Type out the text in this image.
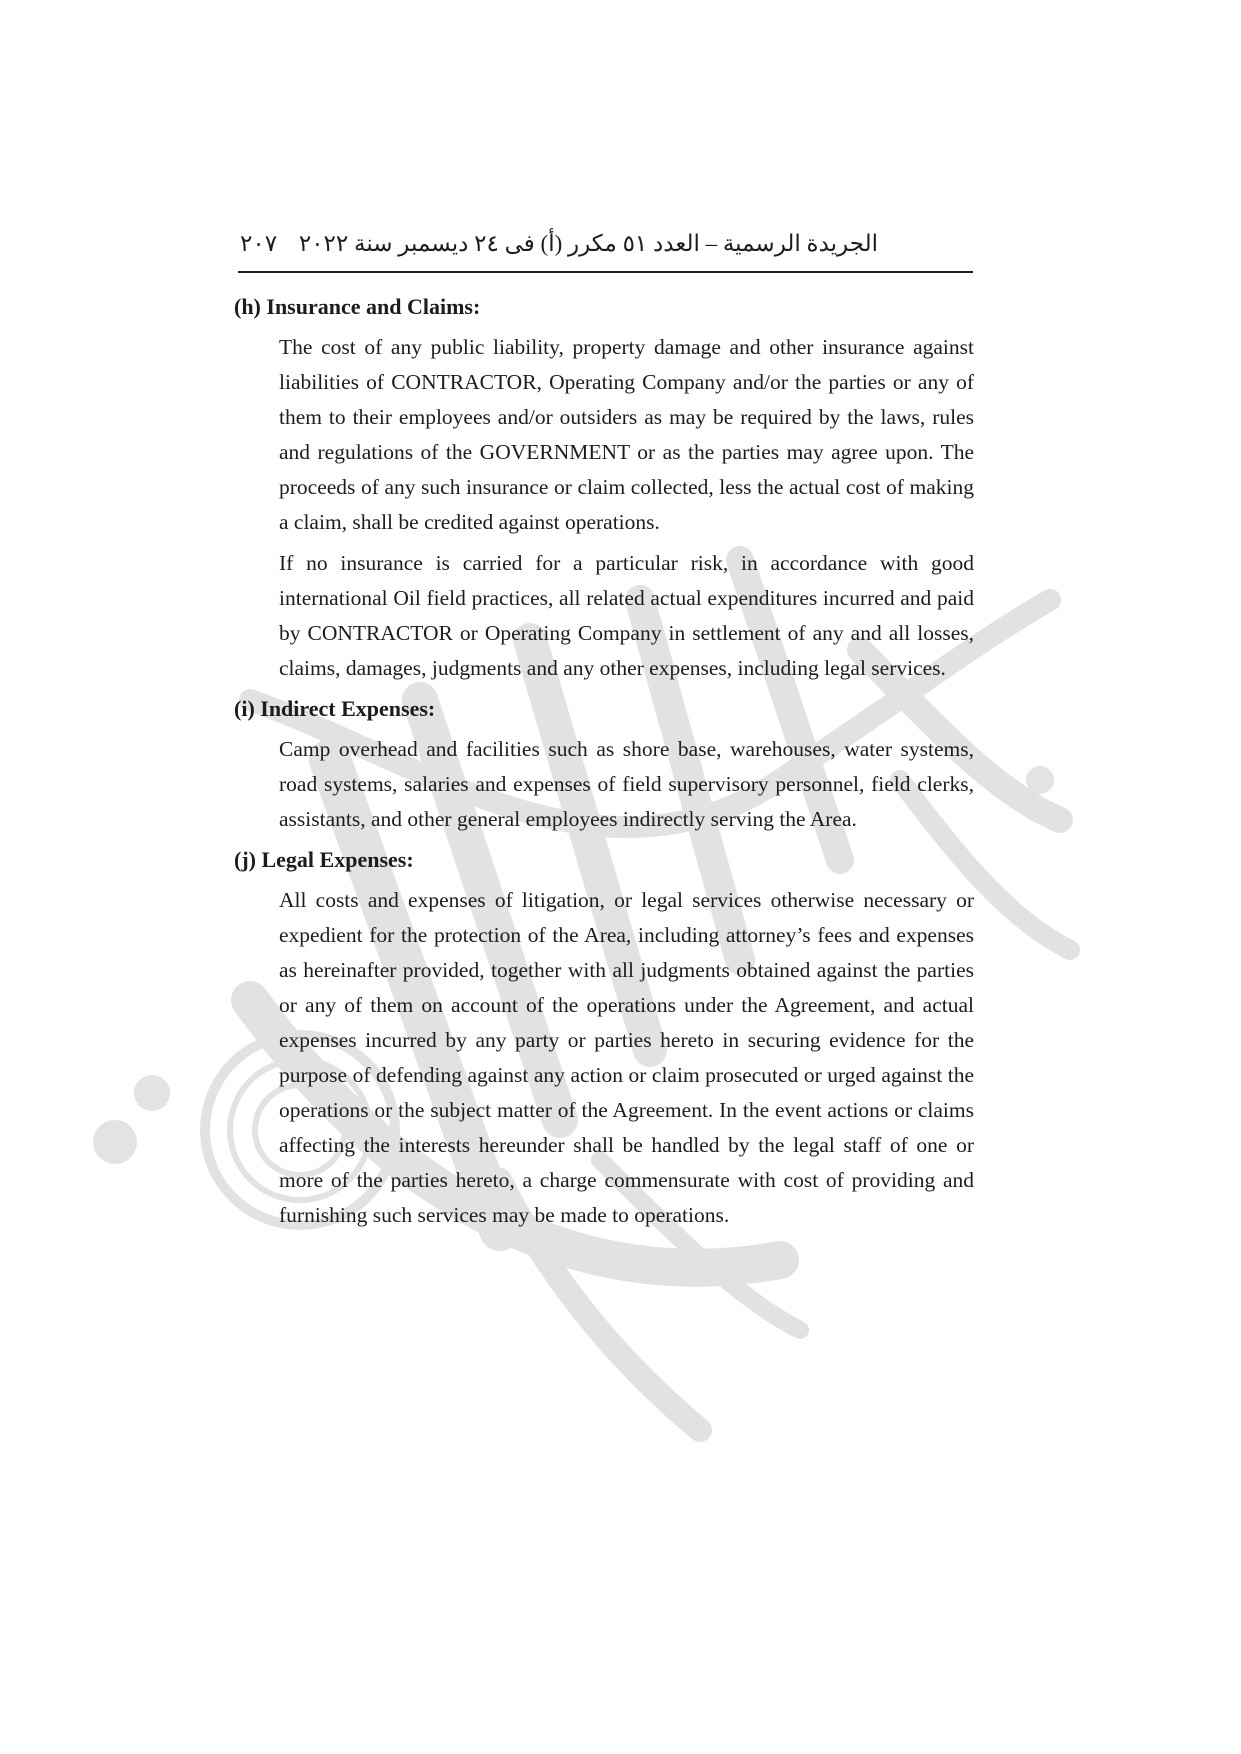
الجريدة الرسمية – العدد ٥١ مكرر (أ) فى ٢٤ ديسمبر سنة ٢٠٢٢
٢٠٧
(h) Insurance and Claims:

The cost of any public liability, property damage and other insurance against liabilities of CONTRACTOR, Operating Company and/or the parties or any of them to their employees and/or outsiders as may be required by the laws, rules and regulations of the GOVERNMENT or as the parties may agree upon. The proceeds of any such insurance or claim collected, less the actual cost of making a claim, shall be credited against operations.

If no insurance is carried for a particular risk, in accordance with good international Oil field practices, all related actual expenditures incurred and paid by CONTRACTOR or Operating Company in settlement of any and all losses, claims, damages, judgments and any other expenses, including legal services.

(i) Indirect Expenses:

Camp overhead and facilities such as shore base, warehouses, water systems, road systems, salaries and expenses of field supervisory personnel, field clerks, assistants, and other general employees indirectly serving the Area.

(j) Legal Expenses:

All costs and expenses of litigation, or legal services otherwise necessary or expedient for the protection of the Area, including attorney’s fees and expenses as hereinafter provided, together with all judgments obtained against the parties or any of them on account of the operations under the Agreement, and actual expenses incurred by any party or parties hereto in securing evidence for the purpose of defending against any action or claim prosecuted or urged against the operations or the subject matter of the Agreement. In the event actions or claims affecting the interests hereunder shall be handled by the legal staff of one or more of the parties hereto, a charge commensurate with cost of providing and furnishing such services may be made to operations.
